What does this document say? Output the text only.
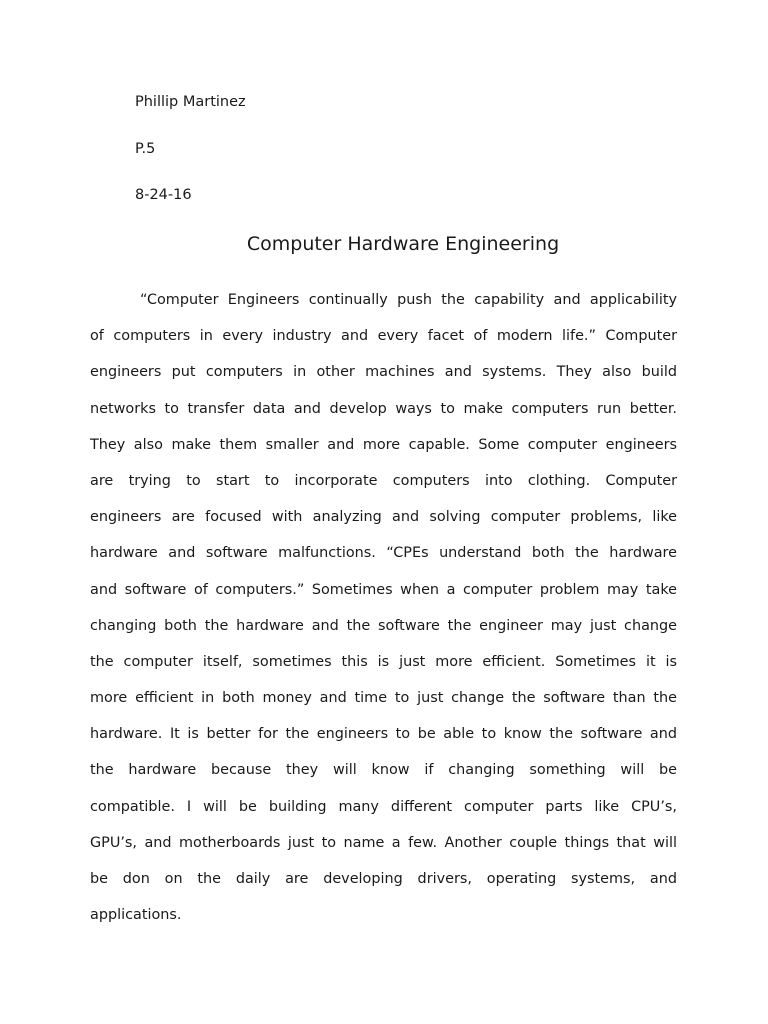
Phillip Martinez
P.5
8-24-16
Computer Hardware Engineering
“Computer Engineers continually push the capability and applicability
of computers in every industry and every facet of modern life.” Computer
engineers put computers in other machines and systems. They also build
networks to transfer data and develop ways to make computers run better.
They also make them smaller and more capable. Some computer engineers
are trying to start to incorporate computers into clothing. Computer
engineers are focused with analyzing and solving computer problems, like
hardware and software malfunctions. “CPEs understand both the hardware
and software of computers.” Sometimes when a computer problem may take
changing both the hardware and the software the engineer may just change
the computer itself, sometimes this is just more efficient. Sometimes it is
more efficient in both money and time to just change the software than the
hardware. It is better for the engineers to be able to know the software and
the hardware because they will know if changing something will be
compatible. I will be building many different computer parts like CPU’s,
GPU’s, and motherboards just to name a few. Another couple things that will
be don on the daily are developing drivers, operating systems, and
applications.
